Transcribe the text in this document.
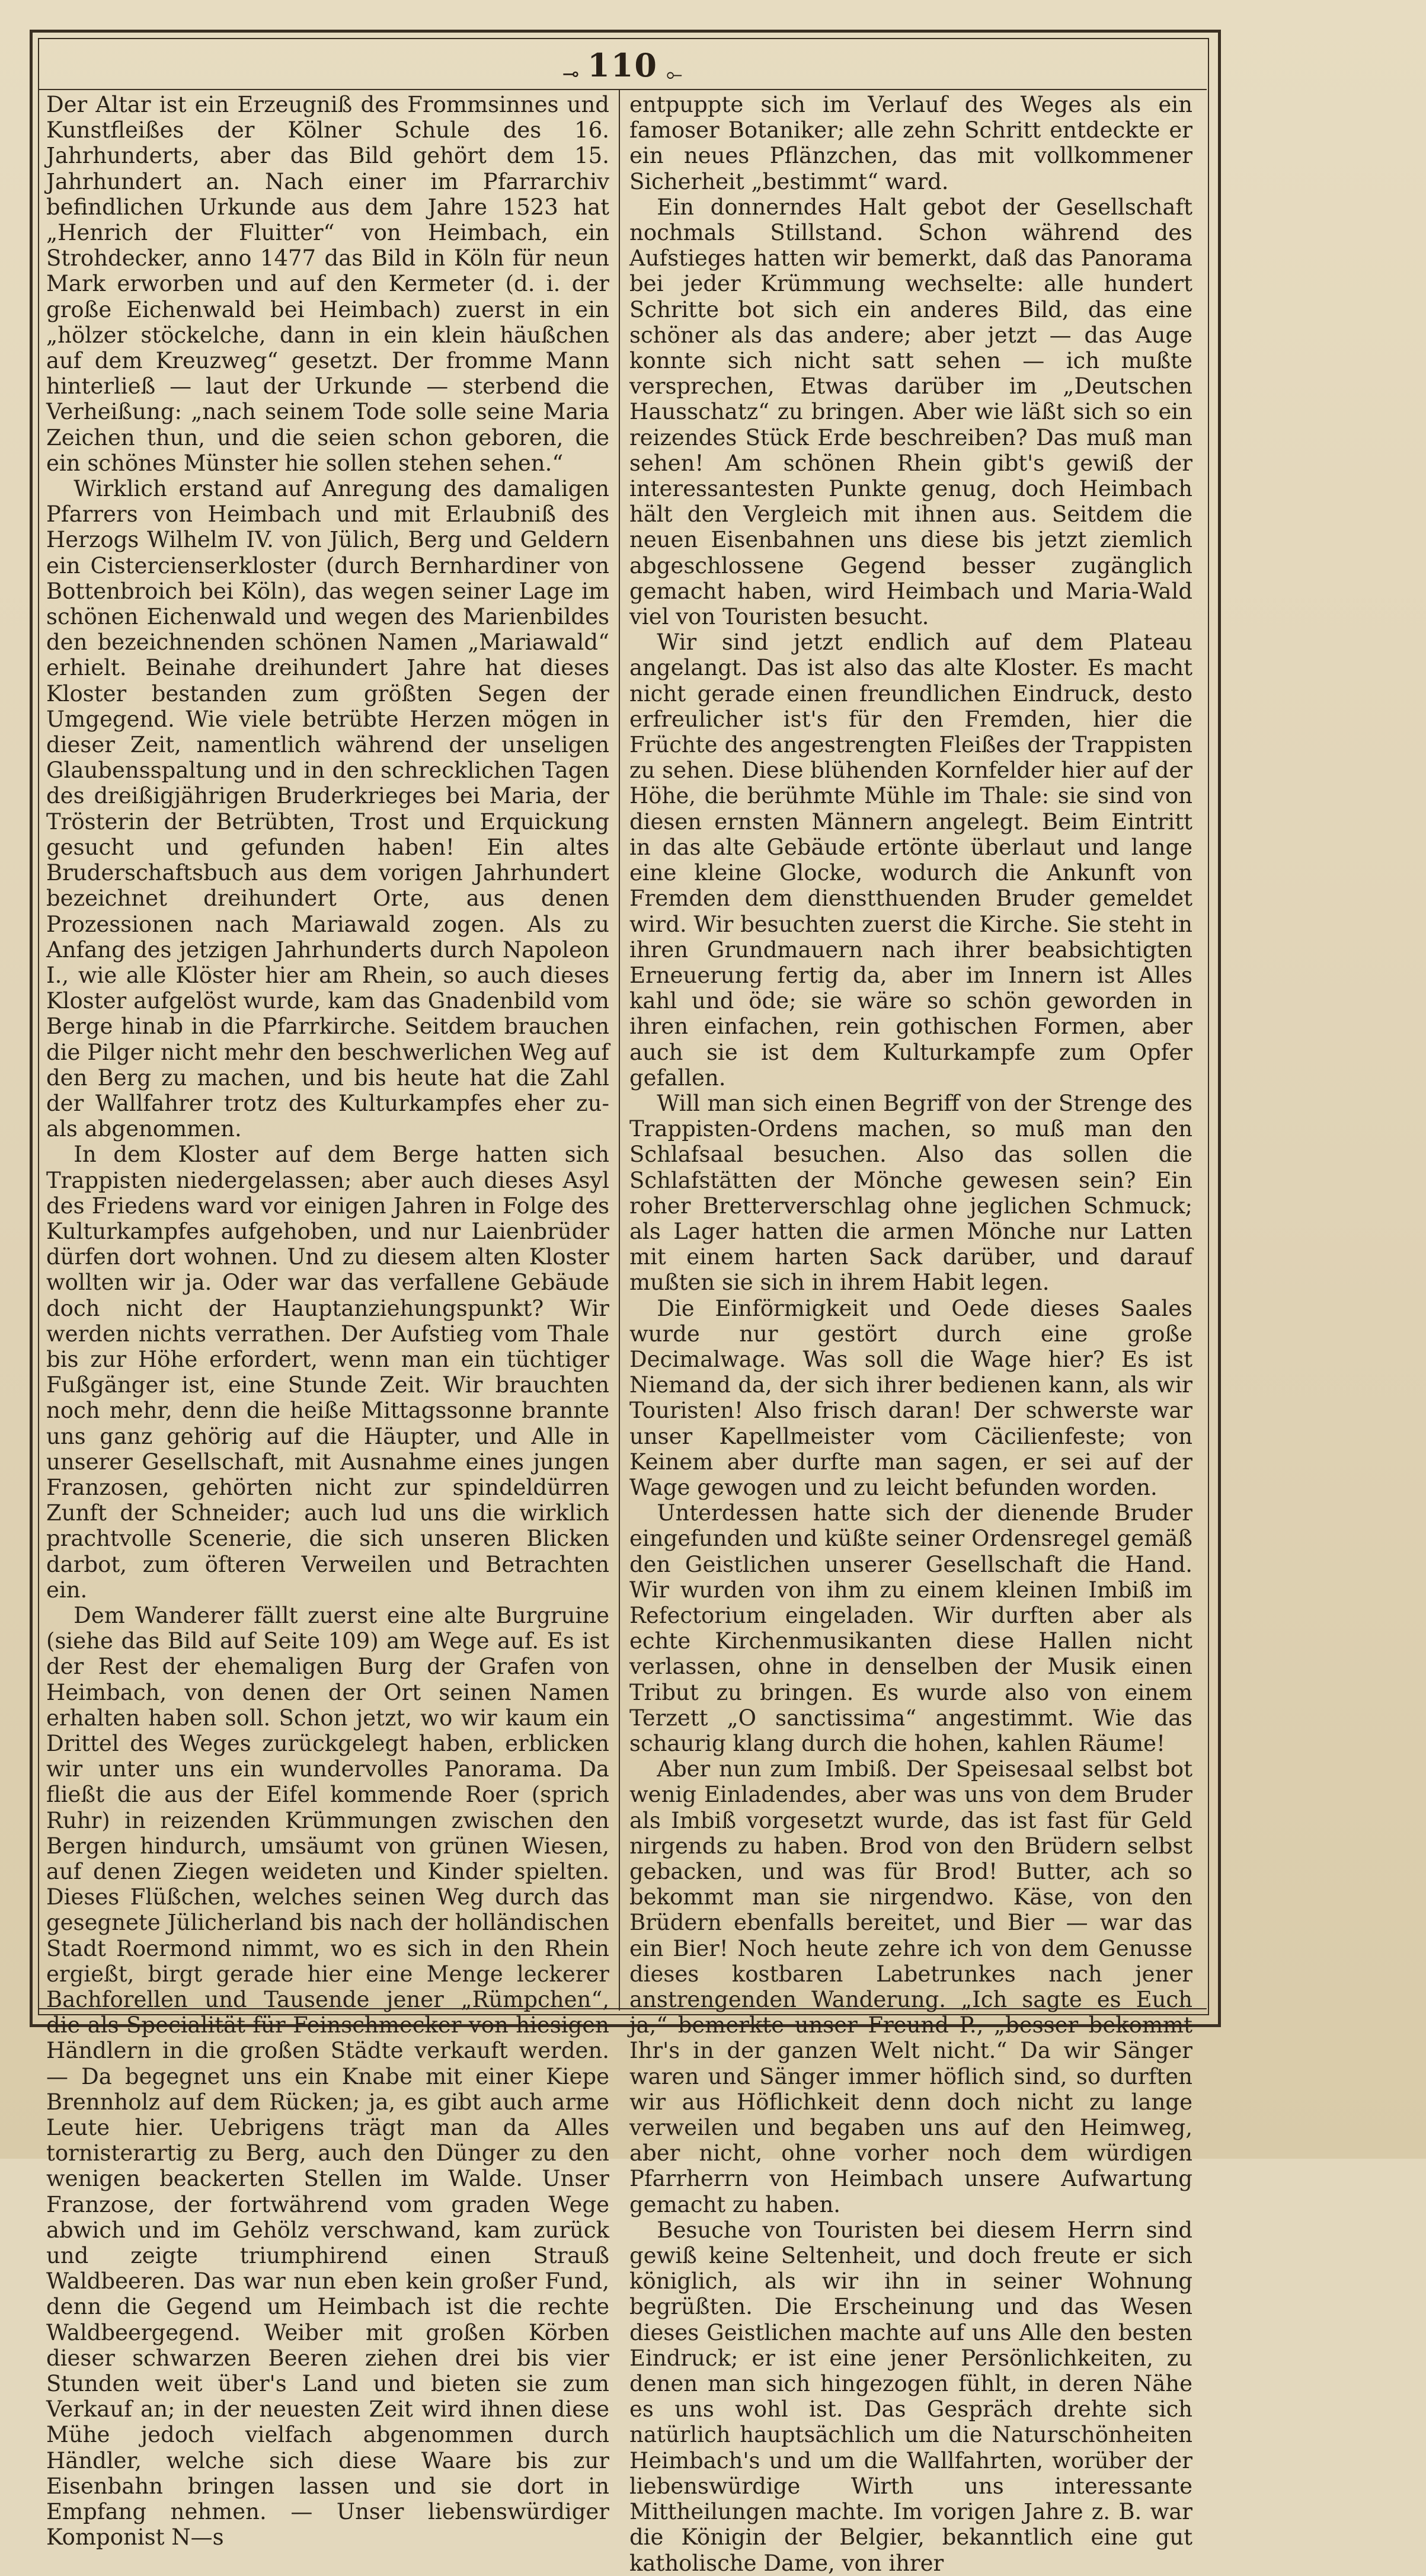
⊸ 110 ⟜

Der Altar ist ein Erzeugniß des Frommsinnes und Kunstfleißes der Kölner Schule des 16. Jahrhunderts, aber das Bild gehört dem 15. Jahrhundert an. Nach einer im Pfarrarchiv befindlichen Urkunde aus dem Jahre 1523 hat „Henrich der Fluitter“ von Heimbach, ein Strohdecker, anno 1477 das Bild in Köln für neun Mark erworben und auf den Kermeter (d. i. der große Eichenwald bei Heimbach) zuerst in ein „hölzer stöckelche, dann in ein klein häußchen auf dem Kreuzweg“ gesetzt. Der fromme Mann hinterließ — laut der Urkunde — sterbend die Verheißung: „nach seinem Tode solle seine Maria Zeichen thun, und die seien schon geboren, die ein schönes Münster hie sollen stehen sehen.“

Wirklich erstand auf Anregung des damaligen Pfarrers von Heimbach und mit Erlaubniß des Herzogs Wilhelm IV. von Jülich, Berg und Geldern ein Cistercienserkloster (durch Bernhardiner von Bottenbroich bei Köln), das wegen seiner Lage im schönen Eichenwald und wegen des Marienbildes den bezeichnenden schönen Namen „Mariawald“ erhielt. Beinahe dreihundert Jahre hat dieses Kloster bestanden zum größten Segen der Umgegend. Wie viele betrübte Herzen mögen in dieser Zeit, namentlich während der unseligen Glaubensspaltung und in den schrecklichen Tagen des dreißigjährigen Bruderkrieges bei Maria, der Trösterin der Betrübten, Trost und Erquickung gesucht und gefunden haben! Ein altes Bruderschaftsbuch aus dem vorigen Jahrhundert bezeichnet dreihundert Orte, aus denen Prozessionen nach Mariawald zogen. Als zu Anfang des jetzigen Jahrhunderts durch Napoleon I., wie alle Klöster hier am Rhein, so auch dieses Kloster aufgelöst wurde, kam das Gnadenbild vom Berge hinab in die Pfarrkirche. Seitdem brauchen die Pilger nicht mehr den beschwerlichen Weg auf den Berg zu machen, und bis heute hat die Zahl der Wallfahrer trotz des Kulturkampfes eher zu- als abgenommen.

In dem Kloster auf dem Berge hatten sich Trappisten niedergelassen; aber auch dieses Asyl des Friedens ward vor einigen Jahren in Folge des Kulturkampfes aufgehoben, und nur Laienbrüder dürfen dort wohnen. Und zu diesem alten Kloster wollten wir ja. Oder war das verfallene Gebäude doch nicht der Hauptanziehungspunkt? Wir werden nichts verrathen. Der Aufstieg vom Thale bis zur Höhe erfordert, wenn man ein tüchtiger Fußgänger ist, eine Stunde Zeit. Wir brauchten noch mehr, denn die heiße Mittagssonne brannte uns ganz gehörig auf die Häupter, und Alle in unserer Gesellschaft, mit Ausnahme eines jungen Franzosen, gehörten nicht zur spindeldürren Zunft der Schneider; auch lud uns die wirklich prachtvolle Scenerie, die sich unseren Blicken darbot, zum öfteren Verweilen und Betrachten ein.

Dem Wanderer fällt zuerst eine alte Burgruine (siehe das Bild auf Seite 109) am Wege auf. Es ist der Rest der ehemaligen Burg der Grafen von Heimbach, von denen der Ort seinen Namen erhalten haben soll. Schon jetzt, wo wir kaum ein Drittel des Weges zurückgelegt haben, erblicken wir unter uns ein wundervolles Panorama. Da fließt die aus der Eifel kommende Roer (sprich Ruhr) in reizenden Krümmungen zwischen den Bergen hindurch, umsäumt von grünen Wiesen, auf denen Ziegen weideten und Kinder spielten. Dieses Flüßchen, welches seinen Weg durch das gesegnete Jülicherland bis nach der holländischen Stadt Roermond nimmt, wo es sich in den Rhein ergießt, birgt gerade hier eine Menge leckerer Bachforellen und Tausende jener „Rümpchen“, die als Specialität für Feinschmecker von hiesigen Händlern in die großen Städte verkauft werden. — Da begegnet uns ein Knabe mit einer Kiepe Brennholz auf dem Rücken; ja, es gibt auch arme Leute hier. Uebrigens trägt man da Alles tornisterartig zu Berg, auch den Dünger zu den wenigen beackerten Stellen im Walde. Unser Franzose, der fortwährend vom graden Wege abwich und im Gehölz verschwand, kam zurück und zeigte triumphirend einen Strauß Waldbeeren. Das war nun eben kein großer Fund, denn die Gegend um Heimbach ist die rechte Waldbeergegend. Weiber mit großen Körben dieser schwarzen Beeren ziehen drei bis vier Stunden weit über's Land und bieten sie zum Verkauf an; in der neuesten Zeit wird ihnen diese Mühe jedoch vielfach abgenommen durch Händler, welche sich diese Waare bis zur Eisenbahn bringen lassen und sie dort in Empfang nehmen. — Unser liebenswürdiger Komponist N—s

entpuppte sich im Verlauf des Weges als ein famoser Botaniker; alle zehn Schritt entdeckte er ein neues Pflänzchen, das mit vollkommener Sicherheit „bestimmt“ ward.

Ein donnerndes Halt gebot der Gesellschaft nochmals Stillstand. Schon während des Aufstieges hatten wir bemerkt, daß das Panorama bei jeder Krümmung wechselte: alle hundert Schritte bot sich ein anderes Bild, das eine schöner als das andere; aber jetzt — das Auge konnte sich nicht satt sehen — ich mußte versprechen, Etwas darüber im „Deutschen Hausschatz“ zu bringen. Aber wie läßt sich so ein reizendes Stück Erde beschreiben? Das muß man sehen! Am schönen Rhein gibt's gewiß der interessantesten Punkte genug, doch Heimbach hält den Vergleich mit ihnen aus. Seitdem die neuen Eisenbahnen uns diese bis jetzt ziemlich abgeschlossene Gegend besser zugänglich gemacht haben, wird Heimbach und Maria-Wald viel von Touristen besucht.

Wir sind jetzt endlich auf dem Plateau angelangt. Das ist also das alte Kloster. Es macht nicht gerade einen freundlichen Eindruck, desto erfreulicher ist's für den Fremden, hier die Früchte des angestrengten Fleißes der Trappisten zu sehen. Diese blühenden Kornfelder hier auf der Höhe, die berühmte Mühle im Thale: sie sind von diesen ernsten Männern angelegt. Beim Eintritt in das alte Gebäude ertönte überlaut und lange eine kleine Glocke, wodurch die Ankunft von Fremden dem dienstthuenden Bruder gemeldet wird. Wir besuchten zuerst die Kirche. Sie steht in ihren Grundmauern nach ihrer beabsichtigten Erneuerung fertig da, aber im Innern ist Alles kahl und öde; sie wäre so schön geworden in ihren einfachen, rein gothischen Formen, aber auch sie ist dem Kulturkampfe zum Opfer gefallen.

Will man sich einen Begriff von der Strenge des Trappisten-Ordens machen, so muß man den Schlafsaal besuchen. Also das sollen die Schlafstätten der Mönche gewesen sein? Ein roher Bretterverschlag ohne jeglichen Schmuck; als Lager hatten die armen Mönche nur Latten mit einem harten Sack darüber, und darauf mußten sie sich in ihrem Habit legen.

Die Einförmigkeit und Oede dieses Saales wurde nur gestört durch eine große Decimalwage. Was soll die Wage hier? Es ist Niemand da, der sich ihrer bedienen kann, als wir Touristen! Also frisch daran! Der schwerste war unser Kapellmeister vom Cäcilienfeste; von Keinem aber durfte man sagen, er sei auf der Wage gewogen und zu leicht befunden worden.

Unterdessen hatte sich der dienende Bruder eingefunden und küßte seiner Ordensregel gemäß den Geistlichen unserer Gesellschaft die Hand. Wir wurden von ihm zu einem kleinen Imbiß im Refectorium eingeladen. Wir durften aber als echte Kirchenmusikanten diese Hallen nicht verlassen, ohne in denselben der Musik einen Tribut zu bringen. Es wurde also von einem Terzett „O sanctissima“ angestimmt. Wie das schaurig klang durch die hohen, kahlen Räume!

Aber nun zum Imbiß. Der Speisesaal selbst bot wenig Einladendes, aber was uns von dem Bruder als Imbiß vorgesetzt wurde, das ist fast für Geld nirgends zu haben. Brod von den Brüdern selbst gebacken, und was für Brod! Butter, ach so bekommt man sie nirgendwo. Käse, von den Brüdern ebenfalls bereitet, und Bier — war das ein Bier! Noch heute zehre ich von dem Genusse dieses kostbaren Labetrunkes nach jener anstrengenden Wanderung. „Ich sagte es Euch ja,“ bemerkte unser Freund P., „besser bekommt Ihr's in der ganzen Welt nicht.“ Da wir Sänger waren und Sänger immer höflich sind, so durften wir aus Höflichkeit denn doch nicht zu lange verweilen und begaben uns auf den Heimweg, aber nicht, ohne vorher noch dem würdigen Pfarrherrn von Heimbach unsere Aufwartung gemacht zu haben.

Besuche von Touristen bei diesem Herrn sind gewiß keine Seltenheit, und doch freute er sich königlich, als wir ihn in seiner Wohnung begrüßten. Die Erscheinung und das Wesen dieses Geistlichen machte auf uns Alle den besten Eindruck; er ist eine jener Persönlichkeiten, zu denen man sich hingezogen fühlt, in deren Nähe es uns wohl ist. Das Gespräch drehte sich natürlich hauptsächlich um die Naturschönheiten Heimbach's und um die Wallfahrten, worüber der liebenswürdige Wirth uns interessante Mittheilungen machte. Im vorigen Jahre z. B. war die Königin der Belgier, bekanntlich eine gut katholische Dame, von ihrer
